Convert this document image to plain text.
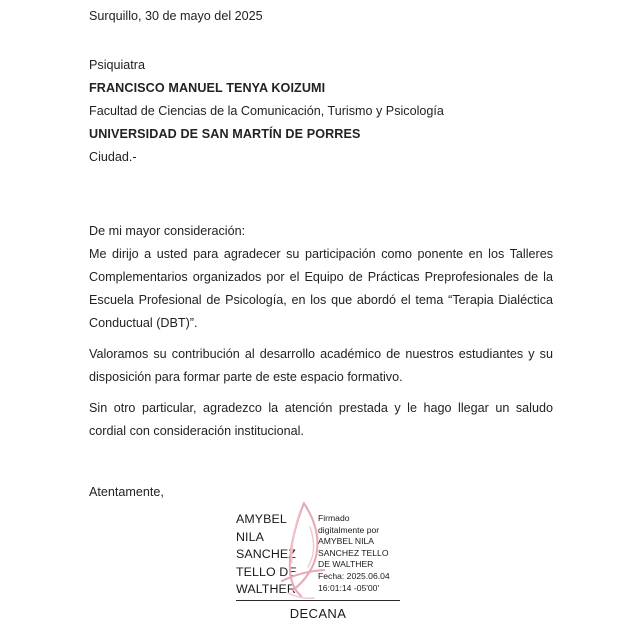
Surquillo, 30 de mayo del 2025
Psiquiatra
FRANCISCO MANUEL TENYA KOIZUMI
Facultad de Ciencias de la Comunicación, Turismo y Psicología
UNIVERSIDAD DE SAN MARTÍN DE PORRES
Ciudad.-
De mi mayor consideración:

Me dirijo a usted para agradecer su participación como ponente en los Talleres Complementarios organizados por el Equipo de Prácticas Preprofesionales de la Escuela Profesional de Psicología, en los que abordó el tema “Terapia Dialéctica Conductual (DBT)”.

Valoramos su contribución al desarrollo académico de nuestros estudiantes y su disposición para formar parte de este espacio formativo.

Sin otro particular, agradezco la atención prestada y le hago llegar un saludo cordial con consideración institucional.

Atentamente,
AMYBEL NILA SANCHEZ TELLO DE WALTHER
Firmado
digitalmente por
AMYBEL NILA
SANCHEZ TELLO
DE WALTHER
Fecha: 2025.06.04
16:01:14 -05'00'
DECANA
